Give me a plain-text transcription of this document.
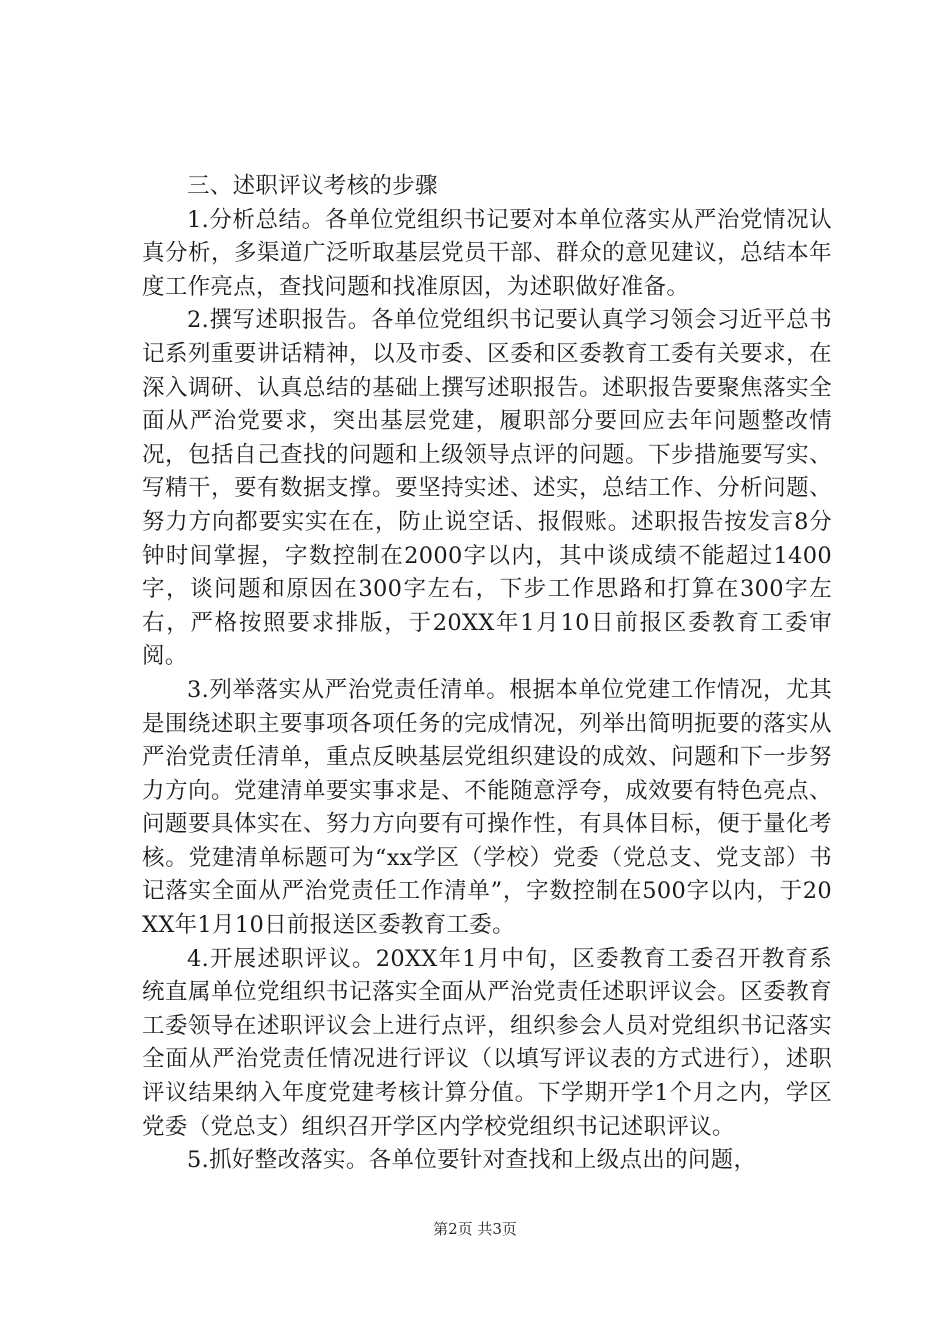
三、述职评议考核的步骤

1.分析总结。各单位党组织书记要对本单位落实从严治党情况认真分析，多渠道广泛听取基层党员干部、群众的意见建议，总结本年度工作亮点，查找问题和找准原因，为述职做好准备。

2.撰写述职报告。各单位党组织书记要认真学习领会习近平总书记系列重要讲话精神，以及市委、区委和区委教育工委有关要求，在深入调研、认真总结的基础上撰写述职报告。述职报告要聚焦落实全面从严治党要求，突出基层党建，履职部分要回应去年问题整改情况，包括自己查找的问题和上级领导点评的问题。下步措施要写实、写精干，要有数据支撑。要坚持实述、述实，总结工作、分析问题、努力方向都要实实在在，防止说空话、报假账。述职报告按发言8分钟时间掌握，字数控制在2000字以内，其中谈成绩不能超过1400字，谈问题和原因在300字左右，下步工作思路和打算在300字左右，严格按照要求排版，于20XX年1月10日前报区委教育工委审阅。

3.列举落实从严治党责任清单。根据本单位党建工作情况，尤其是围绕述职主要事项各项任务的完成情况，列举出简明扼要的落实从严治党责任清单，重点反映基层党组织建设的成效、问题和下一步努力方向。党建清单要实事求是、不能随意浮夸，成效要有特色亮点、问题要具体实在、努力方向要有可操作性，有具体目标，便于量化考核。党建清单标题可为“xx学区（学校）党委（党总支、党支部）书记落实全面从严治党责任工作清单”，字数控制在500字以内，于20XX年1月10日前报送区委教育工委。

4.开展述职评议。20XX年1月中旬，区委教育工委召开教育系统直属单位党组织书记落实全面从严治党责任述职评议会。区委教育工委领导在述职评议会上进行点评，组织参会人员对党组织书记落实全面从严治党责任情况进行评议（以填写评议表的方式进行），述职评议结果纳入年度党建考核计算分值。下学期开学1个月之内，学区党委（党总支）组织召开学区内学校党组织书记述职评议。

5.抓好整改落实。各单位要针对查找和上级点出的问题，

第2页 共3页
